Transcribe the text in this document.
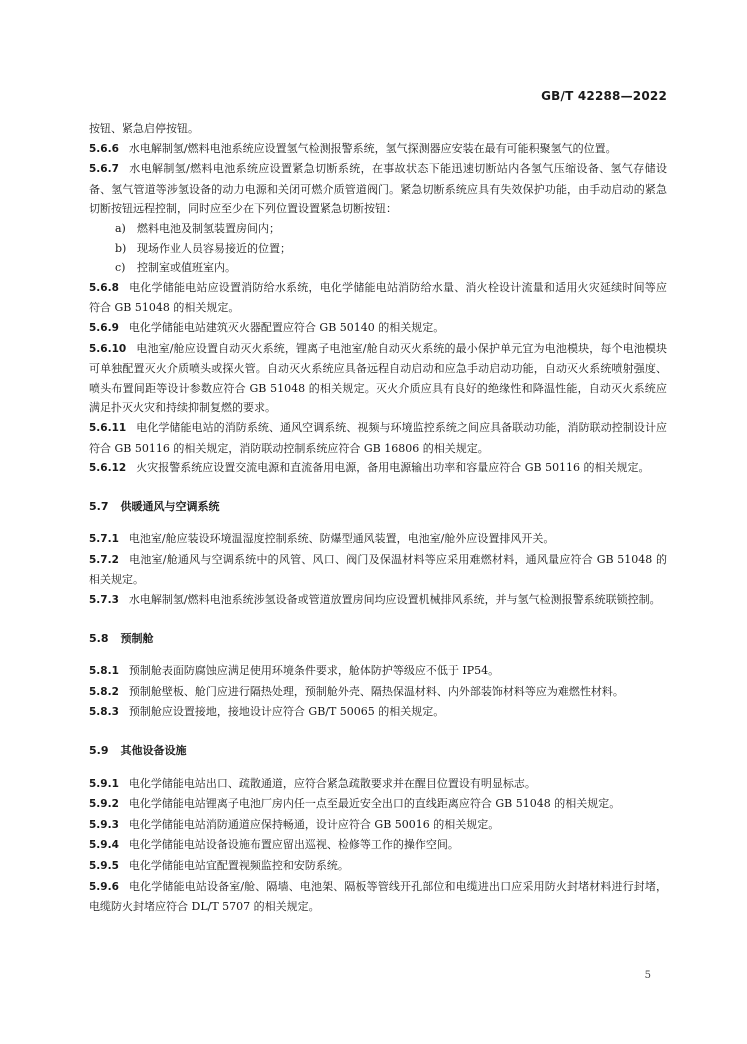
GB/T 42288—2022

按钮、紧急启停按钮。

5.6.6 水电解制氢/燃料电池系统应设置氢气检测报警系统，氢气探测器应安装在最有可能积聚氢气的位置。

5.6.7 水电解制氢/燃料电池系统应设置紧急切断系统，在事故状态下能迅速切断站内各氢气压缩设备、氢气存储设备、氢气管道等涉氢设备的动力电源和关闭可燃介质管道阀门。紧急切断系统应具有失效保护功能，由手动启动的紧急切断按钮远程控制，同时应至少在下列位置设置紧急切断按钮：

a) 燃料电池及制氢装置房间内；

b) 现场作业人员容易接近的位置；

c) 控制室或值班室内。

5.6.8 电化学储能电站应设置消防给水系统，电化学储能电站消防给水量、消火栓设计流量和适用火灾延续时间等应符合 GB 51048 的相关规定。

5.6.9 电化学储能电站建筑灭火器配置应符合 GB 50140 的相关规定。

5.6.10 电池室/舱应设置自动灭火系统，锂离子电池室/舱自动灭火系统的最小保护单元宜为电池模块，每个电池模块可单独配置灭火介质喷头或探火管。自动灭火系统应具备远程自动启动和应急手动启动功能，自动灭火系统喷射强度、喷头布置间距等设计参数应符合 GB 51048 的相关规定。灭火介质应具有良好的绝缘性和降温性能，自动灭火系统应满足扑灭火灾和持续抑制复燃的要求。

5.6.11 电化学储能电站的消防系统、通风空调系统、视频与环境监控系统之间应具备联动功能，消防联动控制设计应符合 GB 50116 的相关规定，消防联动控制系统应符合 GB 16806 的相关规定。

5.6.12 火灾报警系统应设置交流电源和直流备用电源，备用电源输出功率和容量应符合 GB 50116 的相关规定。

5.7 供暖通风与空调系统

5.7.1 电池室/舱应装设环境温湿度控制系统、防爆型通风装置，电池室/舱外应设置排风开关。

5.7.2 电池室/舱通风与空调系统中的风管、风口、阀门及保温材料等应采用难燃材料，通风量应符合 GB 51048 的相关规定。

5.7.3 水电解制氢/燃料电池系统涉氢设备或管道放置房间均应设置机械排风系统，并与氢气检测报警系统联锁控制。

5.8 预制舱

5.8.1 预制舱表面防腐蚀应满足使用环境条件要求，舱体防护等级应不低于 IP54。

5.8.2 预制舱壁板、舱门应进行隔热处理，预制舱外壳、隔热保温材料、内外部装饰材料等应为难燃性材料。

5.8.3 预制舱应设置接地，接地设计应符合 GB/T 50065 的相关规定。

5.9 其他设备设施

5.9.1 电化学储能电站出口、疏散通道，应符合紧急疏散要求并在醒目位置设有明显标志。

5.9.2 电化学储能电站锂离子电池厂房内任一点至最近安全出口的直线距离应符合 GB 51048 的相关规定。

5.9.3 电化学储能电站消防通道应保持畅通，设计应符合 GB 50016 的相关规定。

5.9.4 电化学储能电站设备设施布置应留出巡视、检修等工作的操作空间。

5.9.5 电化学储能电站宜配置视频监控和安防系统。

5.9.6 电化学储能电站设备室/舱、隔墙、电池架、隔板等管线开孔部位和电缆进出口应采用防火封堵材料进行封堵，电缆防火封堵应符合 DL/T 5707 的相关规定。

5
